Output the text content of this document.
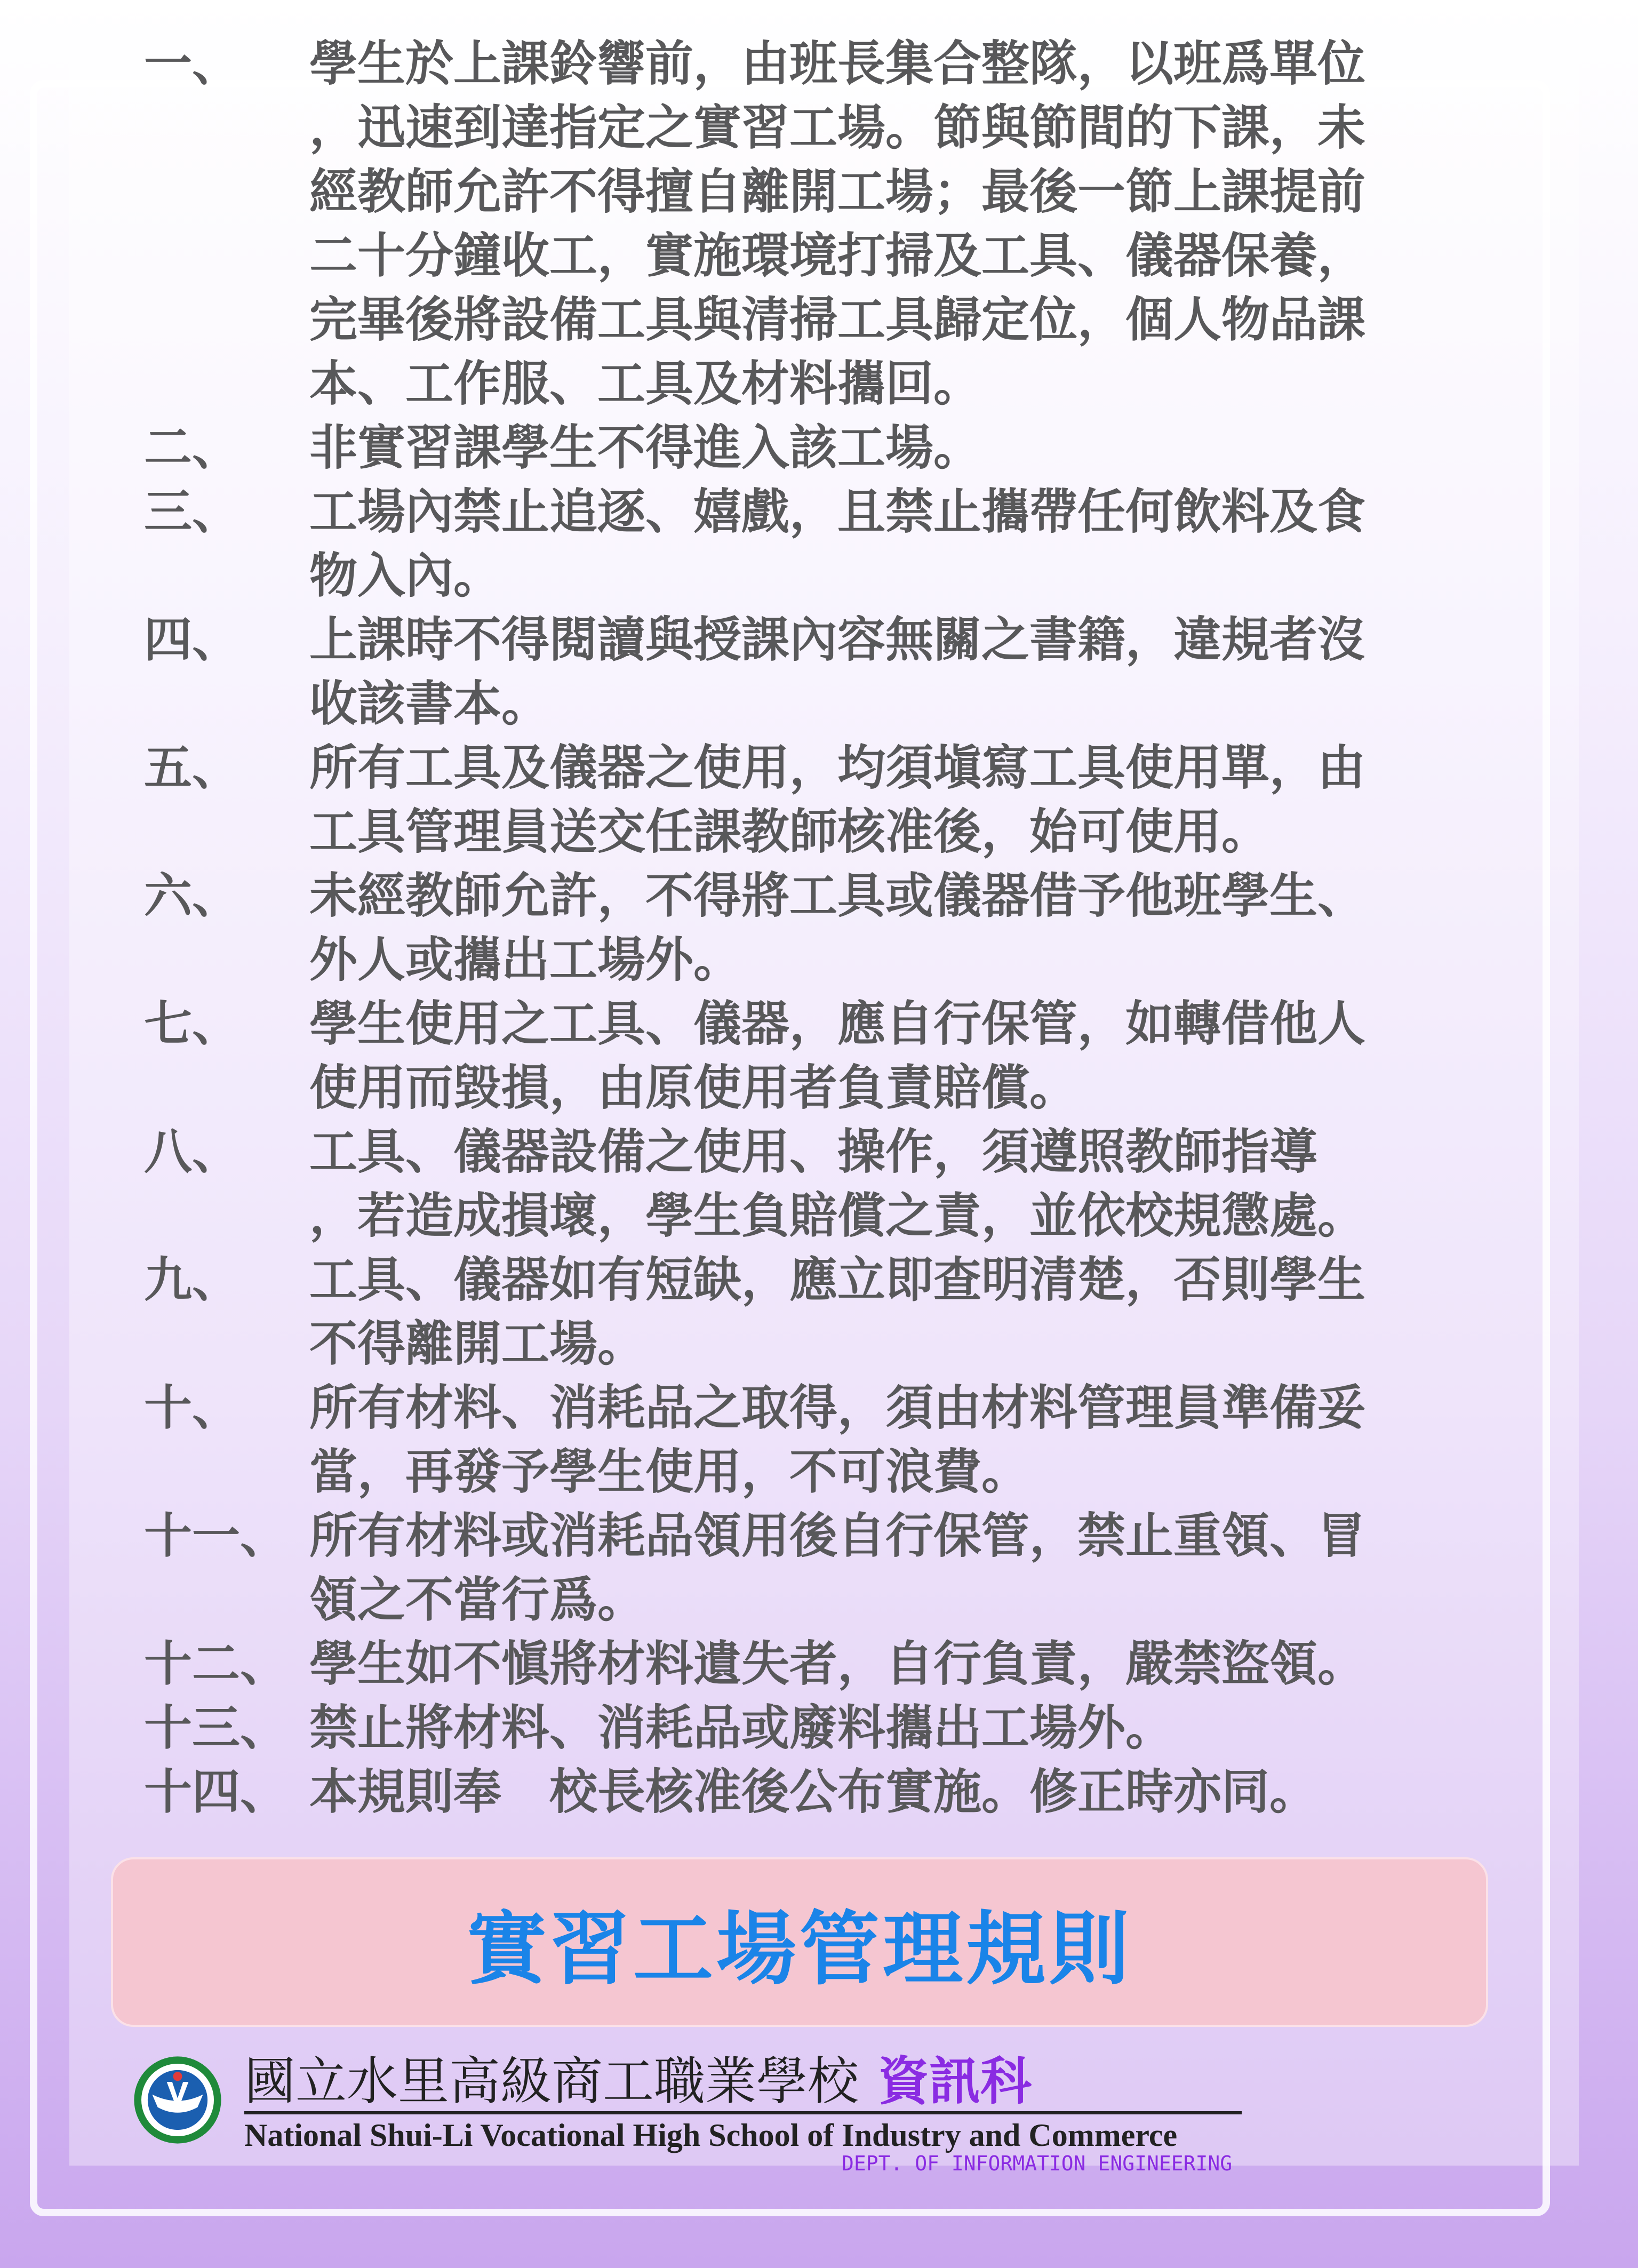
一、 學生於上課鈴響前，由班長集合整隊，以班爲單位
，迅速到達指定之實習工場。節與節間的下課，未
經教師允許不得擅自離開工場；最後一節上課提前
二十分鐘收工，實施環境打掃及工具、儀器保養，
完畢後將設備工具與清掃工具歸定位，個人物品課
本、工作服、工具及材料攜回。
二、 非實習課學生不得進入該工場。
三、 工場內禁止追逐、嬉戲，且禁止攜帶任何飲料及食
物入內。
四、 上課時不得閱讀與授課內容無關之書籍，違規者沒
收該書本。
五、 所有工具及儀器之使用，均須塡寫工具使用單，由
工具管理員送交任課教師核准後，始可使用。
六、 未經教師允許，不得將工具或儀器借予他班學生、
外人或攜出工場外。
七、 學生使用之工具、儀器，應自行保管，如轉借他人
使用而毀損，由原使用者負責賠償。
八、 工具、儀器設備之使用、操作，須遵照教師指導
，若造成損壞，學生負賠償之責，並依校規懲處。
九、 工具、儀器如有短缺，應立即查明清楚，否則學生
不得離開工場。
十、 所有材料、消耗品之取得，須由材料管理員準備妥
當，再發予學生使用，不可浪費。
十一、 所有材料或消耗品領用後自行保管，禁止重領、冒
領之不當行爲。
十二、 學生如不愼將材料遺失者，自行負責，嚴禁盜領。
十三、 禁止將材料、消耗品或廢料攜出工場外。
十四、 本規則奉　校長核准後公布實施。修正時亦同。
實習工場管理規則
國立水里高級商工職業學校 資訊科
National Shui-Li Vocational High School of Industry and Commerce
DEPT. OF INFORMATION ENGINEERING
